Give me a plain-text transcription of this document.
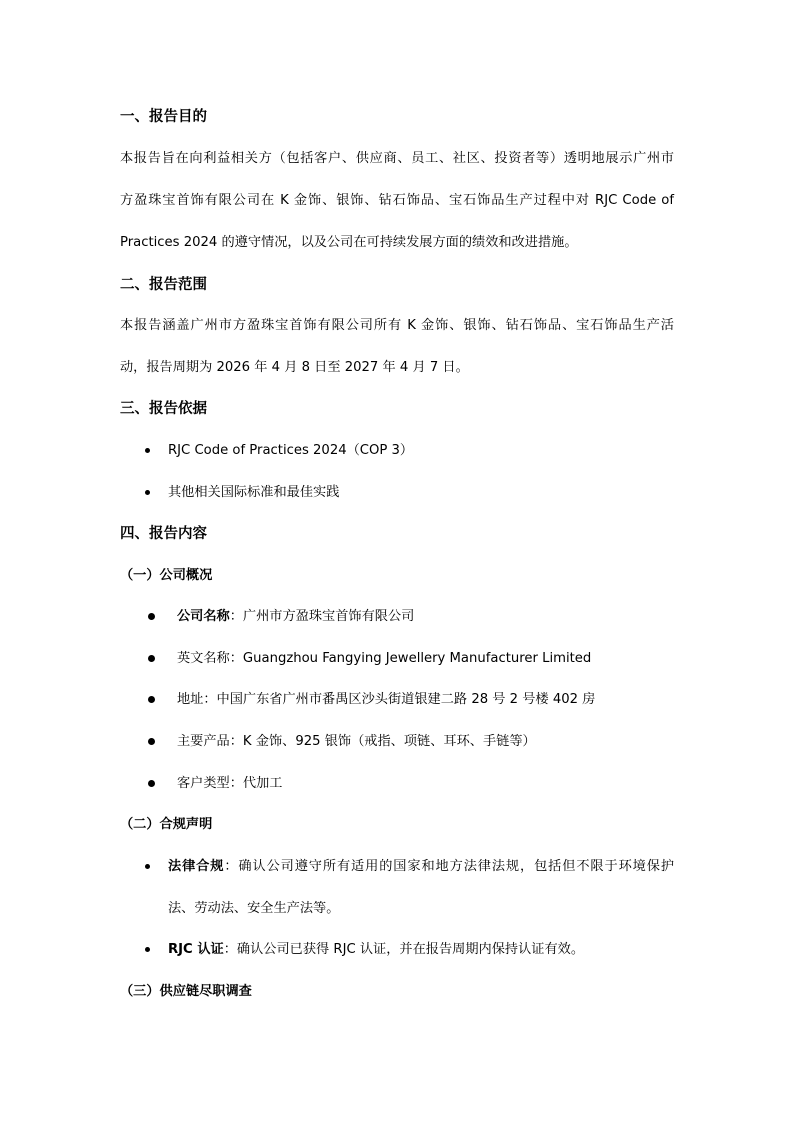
一、报告目的
本报告旨在向利益相关方（包括客户、供应商、员工、社区、投资者等）透明地展示广州市
方盈珠宝首饰有限公司在 K 金饰、银饰、钻石饰品、宝石饰品生产过程中对 RJC Code of
Practices 2024 的遵守情况，以及公司在可持续发展方面的绩效和改进措施。
二、报告范围
本报告涵盖广州市方盈珠宝首饰有限公司所有 K 金饰、银饰、钻石饰品、宝石饰品生产活
动，报告周期为 2026 年 4 月 8 日至 2027 年 4 月 7 日。
三、报告依据
RJC Code of Practices 2024（COP 3）
其他相关国际标准和最佳实践
四、报告内容
（一）公司概况
公司名称：广州市方盈珠宝首饰有限公司
英文名称：Guangzhou Fangying Jewellery Manufacturer Limited
地址：中国广东省广州市番禺区沙头街道银建二路 28 号 2 号楼 402 房
主要产品：K 金饰、925 银饰（戒指、项链、耳环、手链等）
客户类型：代加工
（二）合规声明
法律合规：确认公司遵守所有适用的国家和地方法律法规，包括但不限于环境保护
法、劳动法、安全生产法等。
RJC 认证：确认公司已获得 RJC 认证，并在报告周期内保持认证有效。
（三）供应链尽职调查
